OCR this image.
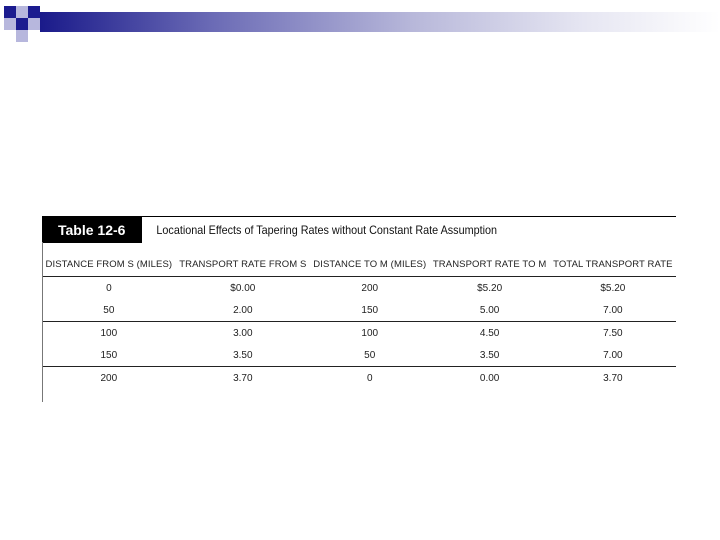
Table 12-6	Locational Effects of Tapering Rates without Constant Rate Assumption
DISTANCE FROM S (MILES)	TRANSPORT RATE FROM S	DISTANCE TO M (MILES)	TRANSPORT RATE TO M	TOTAL TRANSPORT RATE
0	$0.00	200	$5.20	$5.20
50	2.00	150	5.00	7.00
100	3.00	100	4.50	7.50
150	3.50	50	3.50	7.00
200	3.70	0	0.00	3.70
